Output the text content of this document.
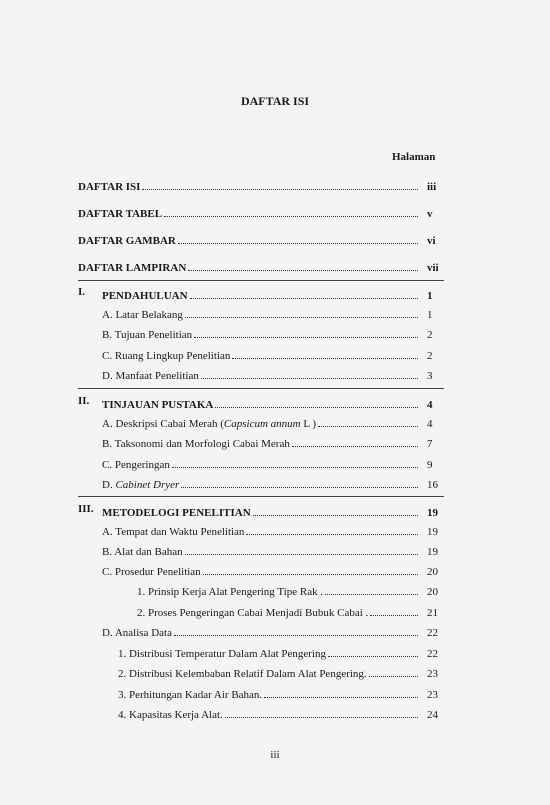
DAFTAR ISI
Halaman
DAFTAR ISI	iii
DAFTAR TABEL	v
DAFTAR GAMBAR	vi
DAFTAR LAMPIRAN	vii
I. PENDAHULUAN	1
A. Latar Belakang	1
B. Tujuan Penelitian	2
C. Ruang Lingkup Penelitian	2
D. Manfaat Penelitian	3
II. TINJAUAN PUSTAKA	4
A. Deskripsi Cabai Merah (Capsicum annum L )	4
B. Taksonomi dan Morfologi Cabai Merah	7
C. Pengeringan	9
D. Cabinet Dryer	16
III. METODELOGI PENELITIAN	19
A. Tempat dan Waktu Penelitian	19
B. Alat dan Bahan	19
C. Prosedur Penelitian	20
1. Prinsip Kerja Alat Pengering Tipe Rak .	20
2. Proses Pengeringan Cabai Menjadi Bubuk Cabai .	21
D. Analisa Data	22
1. Distribusi Temperatur Dalam Alat Pengering	22
2. Distribusi Kelembaban Relatif Dalam Alat Pengering.	23
3. Perhitungan Kadar Air Bahan.	23
4. Kapasitas Kerja Alat.	24
iii
